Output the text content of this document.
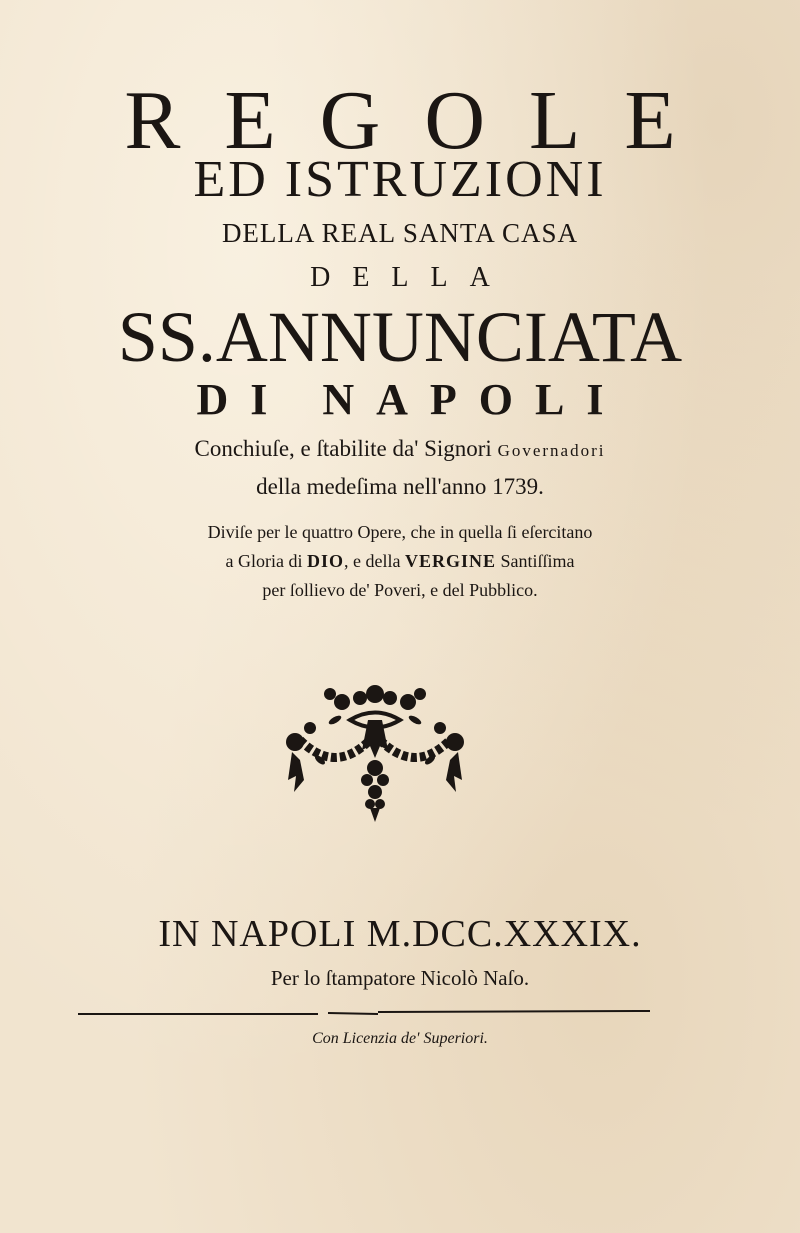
REGOLE
ED ISTRUZIONI
DELLA REAL SANTA CASA
DELLA
SS.ANNUNCIATA
DI NAPOLI
Conchiuſe, e ſtabilite da' Signori Governadori
della medeſima nell'anno 1739.
Diviſe per le quattro Opere, che in quella ſi eſercitano
a Gloria di DIO, e della VERGINE Santiſſima
per ſollievo de' Poveri, e del Pubblico.
IN NAPOLI M.DCC.XXXIX.
Per lo ſtampatore Nicolò Naſo.
Con Licenzia de' Superiori.
